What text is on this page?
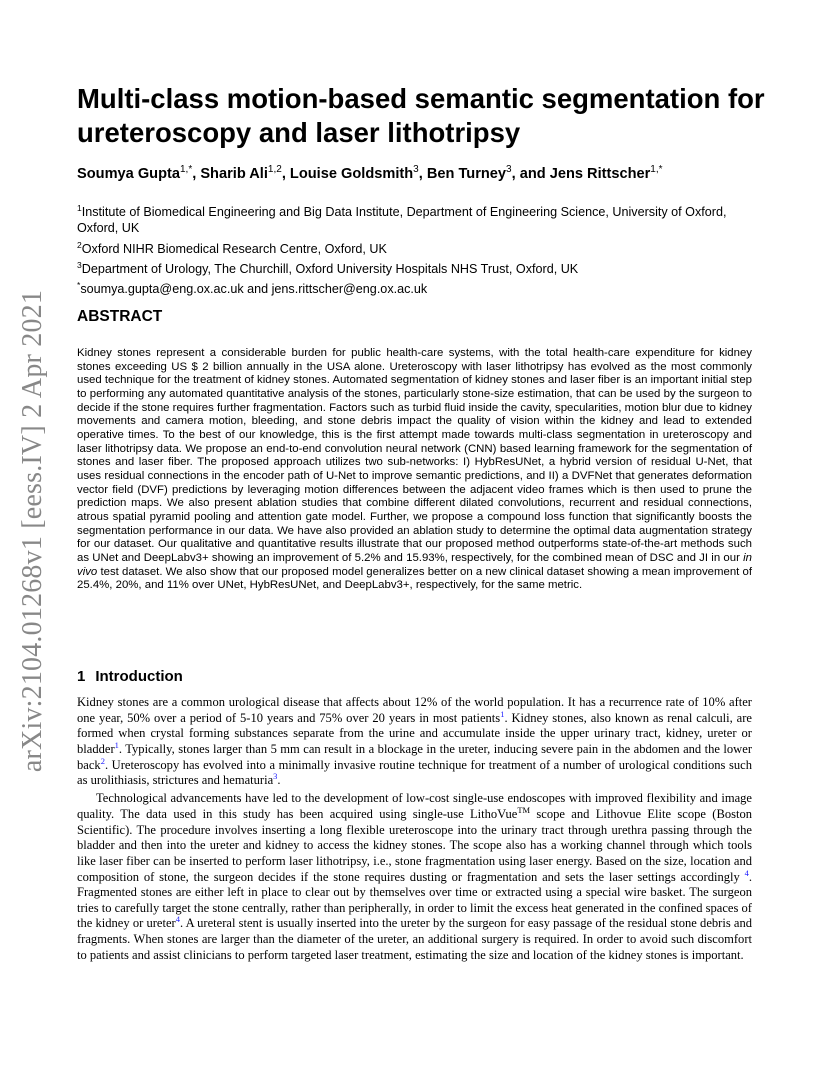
arXiv:2104.01268v1 [eess.IV] 2 Apr 2021
Multi-class motion-based semantic segmentation for ureteroscopy and laser lithotripsy
Soumya Gupta$^{1,*}$, Sharib Ali$^{1,2}$, Louise Goldsmith$^3$, Ben Turney$^3$, and Jens Rittscher$^{1,*}$
$^1$Institute of Biomedical Engineering and Big Data Institute, Department of Engineering Science, University of Oxford, Oxford, UK
$^2$Oxford NIHR Biomedical Research Centre, Oxford, UK
$^3$Department of Urology, The Churchill, Oxford University Hospitals NHS Trust, Oxford, UK
*soumya.gupta@eng.ox.ac.uk and jens.rittscher@eng.ox.ac.uk
ABSTRACT

Kidney stones represent a considerable burden for public health-care systems, with the total health-care expenditure for kidney stones exceeding US $ 2 billion annually in the USA alone. Ureteroscopy with laser lithotripsy has evolved as the most commonly used technique for the treatment of kidney stones. Automated segmentation of kidney stones and laser fiber is an important initial step to performing any automated quantitative analysis of the stones, particularly stone-size estimation, that can be used by the surgeon to decide if the stone requires further fragmentation. Factors such as turbid fluid inside the cavity, specularities, motion blur due to kidney movements and camera motion, bleeding, and stone debris impact the quality of vision within the kidney and lead to extended operative times. To the best of our knowledge, this is the first attempt made towards multi-class segmentation in ureteroscopy and laser lithotripsy data. We propose an end-to-end convolution neural network (CNN) based learning framework for the segmentation of stones and laser fiber. The proposed approach utilizes two sub-networks: I) HybResUNet, a hybrid version of residual U-Net, that uses residual connections in the encoder path of U-Net to improve semantic predictions, and II) a DVFNet that generates deformation vector field (DVF) predictions by leveraging motion differences between the adjacent video frames which is then used to prune the prediction maps. We also present ablation studies that combine different dilated convolutions, recurrent and residual connections, atrous spatial pyramid pooling and attention gate model. Further, we propose a compound loss function that significantly boosts the segmentation performance in our data. We have also provided an ablation study to determine the optimal data augmentation strategy for our dataset. Our qualitative and quantitative results illustrate that our proposed method outperforms state-of-the-art methods such as UNet and DeepLabv3+ showing an improvement of 5.2% and 15.93%, respectively, for the combined mean of DSC and JI in our in vivo test dataset. We also show that our proposed model generalizes better on a new clinical dataset showing a mean improvement of 25.4%, 20%, and 11% over UNet, HybResUNet, and DeepLabv3+, respectively, for the same metric.

1 Introduction

Kidney stones are a common urological disease that affects about 12% of the world population. It has a recurrence rate of 10% after one year, 50% over a period of 5-10 years and 75% over 20 years in most patients$^1$. Kidney stones, also known as renal calculi, are formed when crystal forming substances separate from the urine and accumulate inside the upper urinary tract, kidney, ureter or bladder$^1$. Typically, stones larger than 5 mm can result in a blockage in the ureter, inducing severe pain in the abdomen and the lower back$^2$. Ureteroscopy has evolved into a minimally invasive routine technique for treatment of a number of urological conditions such as urolithiasis, strictures and hematuria$^3$.

Technological advancements have led to the development of low-cost single-use endoscopes with improved flexibility and image quality. The data used in this study has been acquired using single-use LithoVue™ scope and Lithovue Elite scope (Boston Scientific). The procedure involves inserting a long flexible ureteroscope into the urinary tract through urethra passing through the bladder and then into the ureter and kidney to access the kidney stones. The scope also has a working channel through which tools like laser fiber can be inserted to perform laser lithotripsy, i.e., stone fragmentation using laser energy. Based on the size, location and composition of stone, the surgeon decides if the stone requires dusting or fragmentation and sets the laser settings accordingly $^4$. Fragmented stones are either left in place to clear out by themselves over time or extracted using a special wire basket. The surgeon tries to carefully target the stone centrally, rather than peripherally, in order to limit the excess heat generated in the confined spaces of the kidney or ureter$^4$. A ureteral stent is usually inserted into the ureter by the surgeon for easy passage of the residual stone debris and fragments. When stones are larger than the diameter of the ureter, an additional surgery is required. In order to avoid such discomfort to patients and assist clinicians to perform targeted laser treatment, estimating the size and location of the kidney stones is important.
